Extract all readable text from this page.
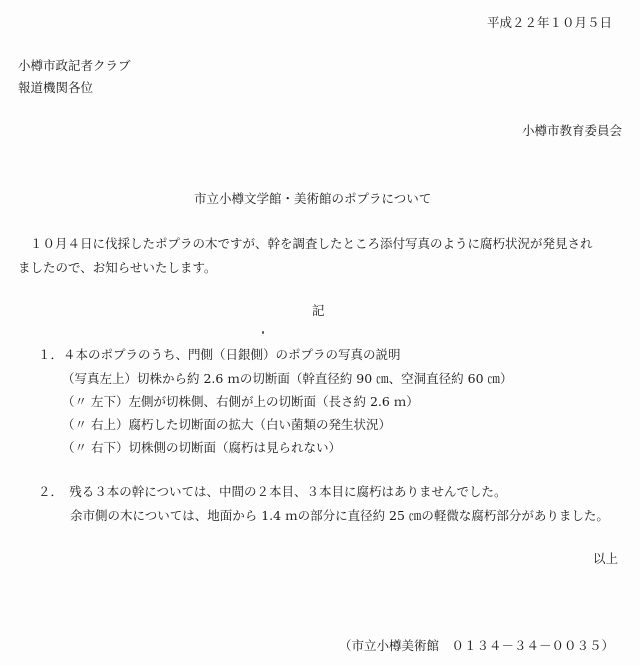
平成２２年１０月５日
小樽市政記者クラブ
報道機関各位
小樽市教育委員会
市立小樽文学館・美術館のポプラについて
１０月４日に伐採したポプラの木ですが、幹を調査したところ添付写真のように腐朽状況が発見され
ましたので、お知らせいたします。
記
１．４本のポプラのうち、門側（日銀側）のポプラの写真の説明
（写真左上）切株から約 2.6 ｍの切断面（幹直径約 90 ㎝、空洞直径約 60 ㎝）
（〃 左下）左側が切株側、右側が上の切断面（長さ約 2.6 ｍ）
（〃 右上）腐朽した切断面の拡大（白い菌類の発生状況）
（〃 右下）切株側の切断面（腐朽は見られない）
２．　残る３本の幹については、中間の２本目、３本目に腐朽はありませんでした。
余市側の木については、地面から 1.4 ｍの部分に直径約 25 ㎝の軽微な腐朽部分がありました。
以上
（市立小樽美術館　０１３４－３４－００３５）
